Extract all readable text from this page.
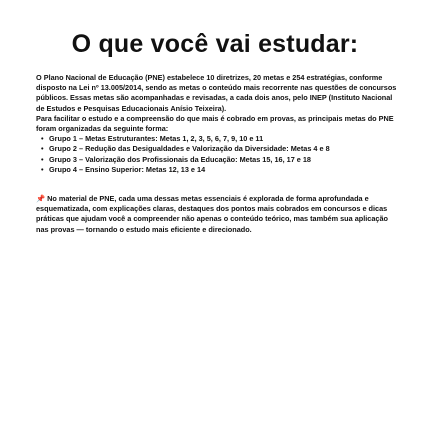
O que você vai estudar:

O Plano Nacional de Educação (PNE) estabelece 10 diretrizes, 20 metas e 254 estratégias, conforme disposto na Lei nº 13.005/2014, sendo as metas o conteúdo mais recorrente nas questões de concursos públicos. Essas metas são acompanhadas e revisadas, a cada dois anos, pelo INEP (Instituto Nacional de Estudos e Pesquisas Educacionais Anísio Teixeira).

Para facilitar o estudo e a compreensão do que mais é cobrado em provas, as principais metas do PNE foram organizadas da seguinte forma:

• Grupo 1 – Metas Estruturantes: Metas 1, 2, 3, 5, 6, 7, 9, 10 e 11
• Grupo 2 – Redução das Desigualdades e Valorização da Diversidade: Metas 4 e 8
• Grupo 3 – Valorização dos Profissionais da Educação: Metas 15, 16, 17 e 18
• Grupo 4 – Ensino Superior: Metas 12, 13 e 14

📌 No material de PNE, cada uma dessas metas essenciais é explorada de forma aprofundada e esquematizada, com explicações claras, destaques dos pontos mais cobrados em concursos e dicas práticas que ajudam você a compreender não apenas o conteúdo teórico, mas também sua aplicação nas provas — tornando o estudo mais eficiente e direcionado.
